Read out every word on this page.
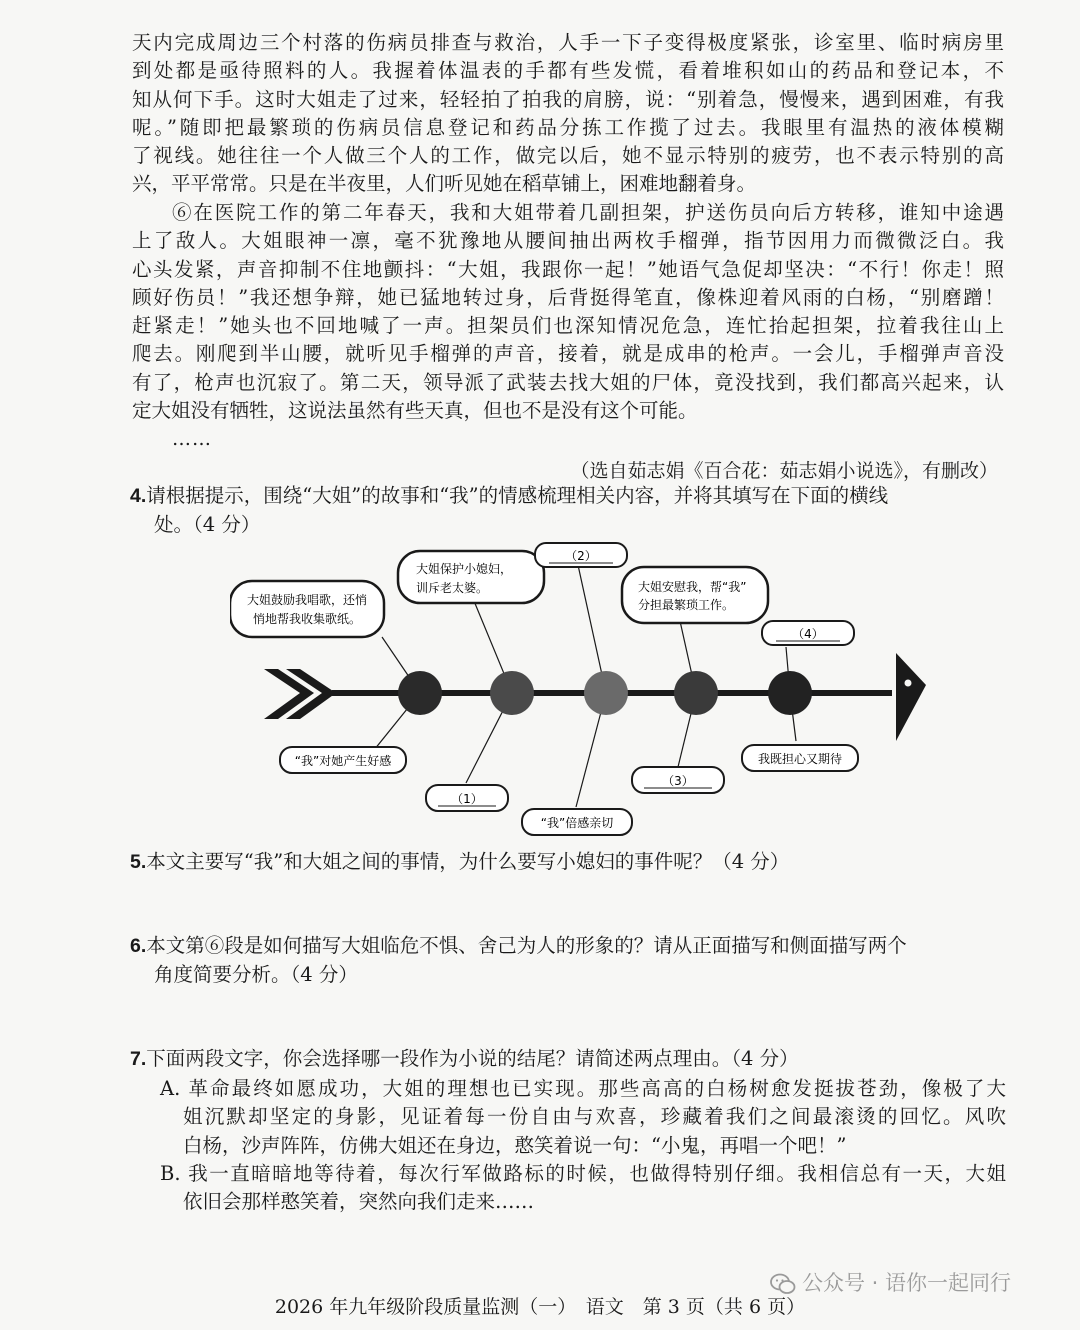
天内完成周边三个村落的伤病员排查与救治，人手一下子变得极度紧张，诊室里、临时病房里
到处都是亟待照料的人。我握着体温表的手都有些发慌，看着堆积如山的药品和登记本，不
知从何下手。这时大姐走了过来，轻轻拍了拍我的肩膀，说：“别着急，慢慢来，遇到困难，有我
呢。”随即把最繁琐的伤病员信息登记和药品分拣工作揽了过去。我眼里有温热的液体模糊
了视线。她往往一个人做三个人的工作，做完以后，她不显示特别的疲劳，也不表示特别的高
兴，平平常常。只是在半夜里，人们听见她在稻草铺上，困难地翻着身。
⑥在医院工作的第二年春天，我和大姐带着几副担架，护送伤员向后方转移，谁知中途遇
上了敌人。大姐眼神一凛，毫不犹豫地从腰间抽出两枚手榴弹，指节因用力而微微泛白。我
心头发紧，声音抑制不住地颤抖：“大姐，我跟你一起！”她语气急促却坚决：“不行！你走！照
顾好伤员！”我还想争辩，她已猛地转过身，后背挺得笔直，像株迎着风雨的白杨，“别磨蹭！
赶紧走！”她头也不回地喊了一声。担架员们也深知情况危急，连忙抬起担架，拉着我往山上
爬去。刚爬到半山腰，就听见手榴弹的声音，接着，就是成串的枪声。一会儿，手榴弹声音没
有了，枪声也沉寂了。第二天，领导派了武装去找大姐的尸体，竟没找到，我们都高兴起来，认
定大姐没有牺牲，这说法虽然有些天真，但也不是没有这个可能。
……
（选自茹志娟《百合花：茹志娟小说选》，有删改）
4.请根据提示，围绕“大姐”的故事和“我”的情感梳理相关内容，并将其填写在下面的横线
处。（4 分）
大姐鼓励我唱歌，还悄
悄地帮我收集歌纸。
大姐保护小媳妇，
训斥老太婆。
（2）
大姐安慰我，帮“我”
分担最繁琐工作。
（4）
“我”对她产生好感
（1）
“我”倍感亲切
（3）
我既担心又期待
5.本文主要写“我”和大姐之间的事情，为什么要写小媳妇的事件呢？（4 分）
6.本文第⑥段是如何描写大姐临危不惧、舍己为人的形象的？请从正面描写和侧面描写两个
角度简要分析。（4 分）
7.下面两段文字，你会选择哪一段作为小说的结尾？请简述两点理由。（4 分）
A. 革命最终如愿成功，大姐的理想也已实现。那些高高的白杨树愈发挺拔苍劲，像极了大
姐沉默却坚定的身影，见证着每一份自由与欢喜，珍藏着我们之间最滚烫的回忆。风吹
白杨，沙声阵阵，仿佛大姐还在身边，憨笑着说一句：“小鬼，再唱一个吧！”
B. 我一直暗暗地等待着，每次行军做路标的时候，也做得特别仔细。我相信总有一天，大姐
依旧会那样憨笑着，突然向我们走来……
公众号 · 语你一起同行
2026 年九年级阶段质量监测（一）　语文　第 3 页（共 6 页）
